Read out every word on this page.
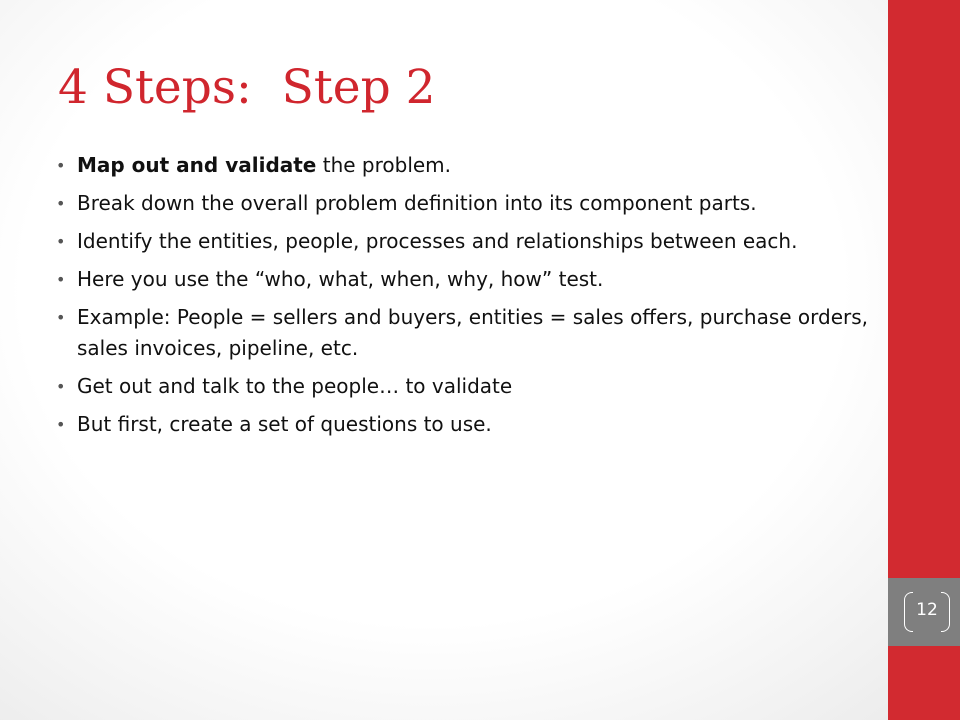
4 Steps:  Step 2
• Map out and validate the problem.
• Break down the overall problem definition into its component parts.
• Identify the entities, people, processes and relationships between each.
• Here you use the “who, what, when, why, how” test.
• Example: People = sellers and buyers, entities = sales offers, purchase orders, sales invoices, pipeline, etc.
• Get out and talk to the people… to validate
• But first, create a set of questions to use.
12
